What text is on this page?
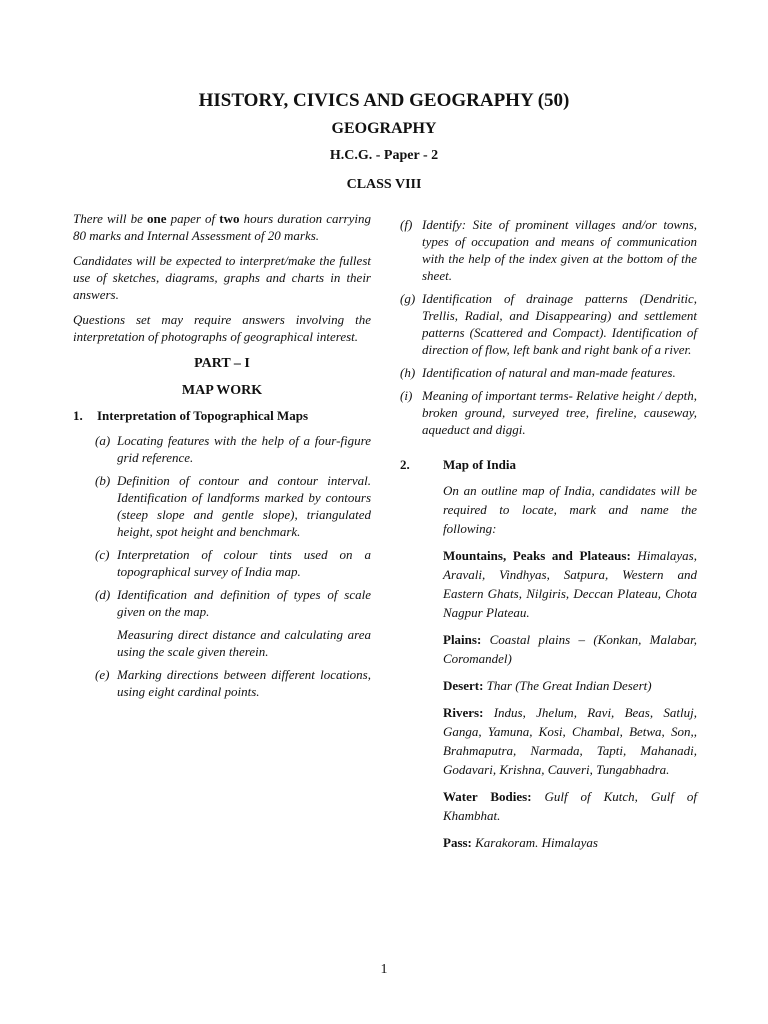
HISTORY, CIVICS AND GEOGRAPHY (50)
GEOGRAPHY
H.C.G. - Paper - 2
CLASS VIII

There will be one paper of two hours duration carrying 80 marks and Internal Assessment of 20 marks.

Candidates will be expected to interpret/make the fullest use of sketches, diagrams, graphs and charts in their answers.

Questions set may require answers involving the interpretation of photographs of geographical interest.

PART – I
MAP WORK
1.	Interpretation of Topographical Maps
(a) Locating features with the help of a four-figure grid reference.
(b) Definition of contour and contour interval. Identification of landforms marked by contours (steep slope and gentle slope), triangulated height, spot height and benchmark.
(c) Interpretation of colour tints used on a topographical survey of India map.
(d) Identification and definition of types of scale given on the map.
Measuring direct distance and calculating area using the scale given therein.
(e) Marking directions between different locations, using eight cardinal points.
(f) Identify: Site of prominent villages and/or towns, types of occupation and means of communication with the help of the index given at the bottom of the sheet.
(g) Identification of drainage patterns (Dendritic, Trellis, Radial, and Disappearing) and settlement patterns (Scattered and Compact). Identification of direction of flow, left bank and right bank of a river.
(h) Identification of natural and man-made features.
(i) Meaning of important terms- Relative height / depth, broken ground, surveyed tree, fireline, causeway, aqueduct and diggi.
2.	Map of India
On an outline map of India, candidates will be required to locate, mark and name the following:
Mountains, Peaks and Plateaus: Himalayas, Aravali, Vindhyas, Satpura, Western and Eastern Ghats, Nilgiris, Deccan Plateau, Chota Nagpur Plateau.
Plains: Coastal plains – (Konkan, Malabar, Coromandel)
Desert: Thar (The Great Indian Desert)
Rivers: Indus, Jhelum, Ravi, Beas, Satluj, Ganga, Yamuna, Kosi, Chambal, Betwa, Son,, Brahmaputra, Narmada, Tapti, Mahanadi, Godavari, Krishna, Cauveri, Tungabhadra.
Water Bodies: Gulf of Kutch, Gulf of Khambhat.
Pass: Karakoram. Himalayas
1
